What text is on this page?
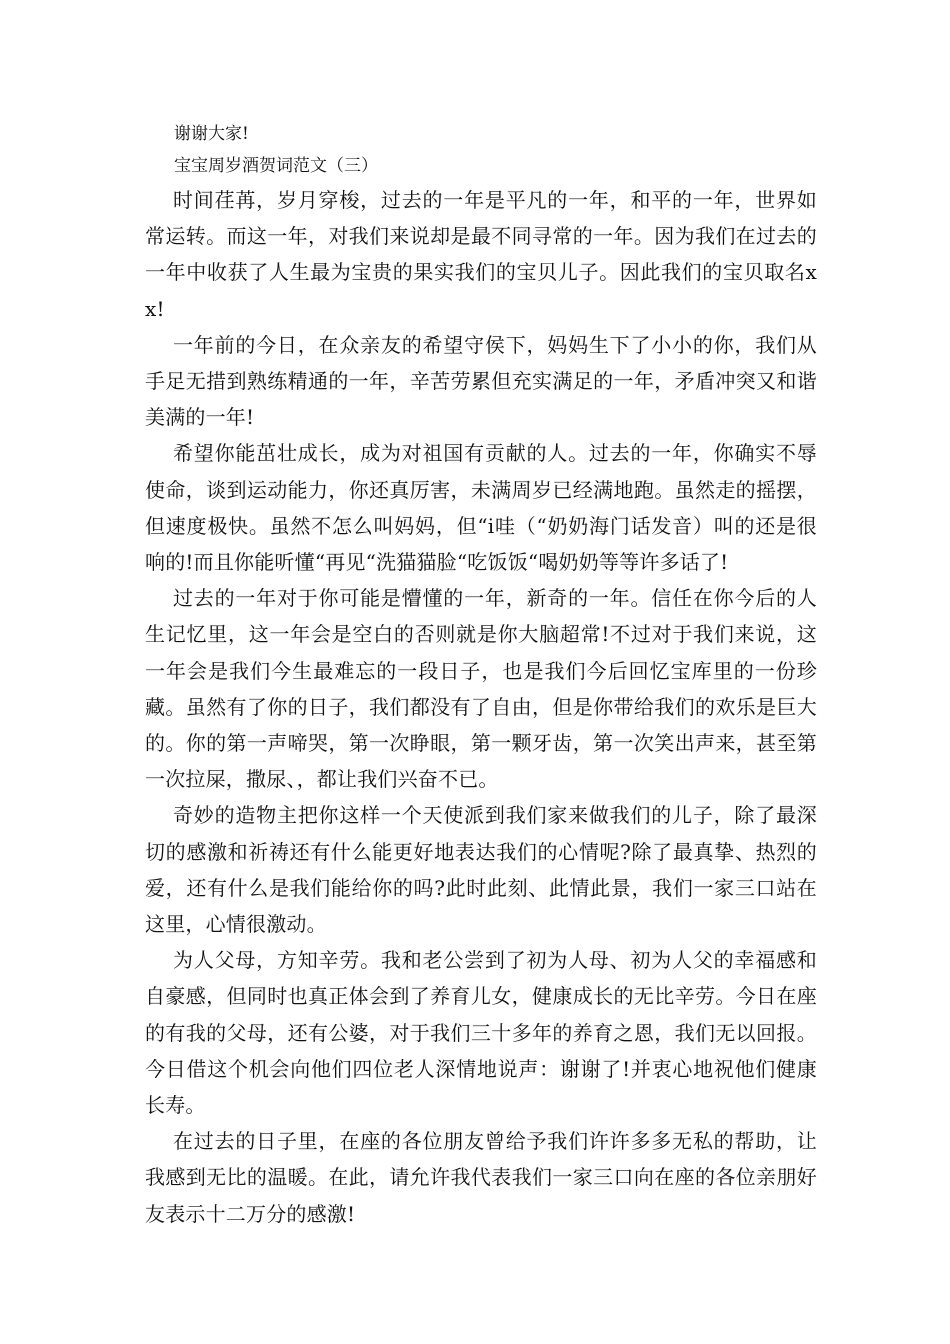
谢谢大家!
宝宝周岁酒贺词范文（三）

时间荏苒，岁月穿梭，过去的一年是平凡的一年，和平的一年，世界如常运转。而这一年，对我们来说却是最不同寻常的一年。因为我们在过去的一年中收获了人生最为宝贵的果实我们的宝贝儿子。因此我们的宝贝取名xx!

一年前的今日，在众亲友的希望守侯下，妈妈生下了小小的你，我们从手足无措到熟练精通的一年，辛苦劳累但充实满足的一年，矛盾冲突又和谐美满的一年!

希望你能茁壮成长，成为对祖国有贡献的人。过去的一年，你确实不辱使命，谈到运动能力，你还真厉害，未满周岁已经满地跑。虽然走的摇摆，但速度极快。虽然不怎么叫妈妈，但“i哇（“奶奶海门话发音）叫的还是很响的!而且你能听懂“再见“洗猫猫脸“吃饭饭“喝奶奶等等许多话了!

过去的一年对于你可能是懵懂的一年，新奇的一年。信任在你今后的人生记忆里，这一年会是空白的否则就是你大脑超常!不过对于我们来说，这一年会是我们今生最难忘的一段日子，也是我们今后回忆宝库里的一份珍藏。虽然有了你的日子，我们都没有了自由，但是你带给我们的欢乐是巨大的。你的第一声啼哭，第一次睁眼，第一颗牙齿，第一次笑出声来，甚至第一次拉屎，撒尿、，都让我们兴奋不已。

奇妙的造物主把你这样一个天使派到我们家来做我们的儿子，除了最深切的感激和祈祷还有什么能更好地表达我们的心情呢?除了最真挚、热烈的爱，还有什么是我们能给你的吗?此时此刻、此情此景，我们一家三口站在这里，心情很激动。

为人父母，方知辛劳。我和老公尝到了初为人母、初为人父的幸福感和自豪感，但同时也真正体会到了养育儿女，健康成长的无比辛劳。今日在座的有我的父母，还有公婆，对于我们三十多年的养育之恩，我们无以回报。今日借这个机会向他们四位老人深情地说声：谢谢了!并衷心地祝他们健康长寿。

在过去的日子里，在座的各位朋友曾给予我们许许多多无私的帮助，让我感到无比的温暖。在此，请允许我代表我们一家三口向在座的各位亲朋好友表示十二万分的感激!
